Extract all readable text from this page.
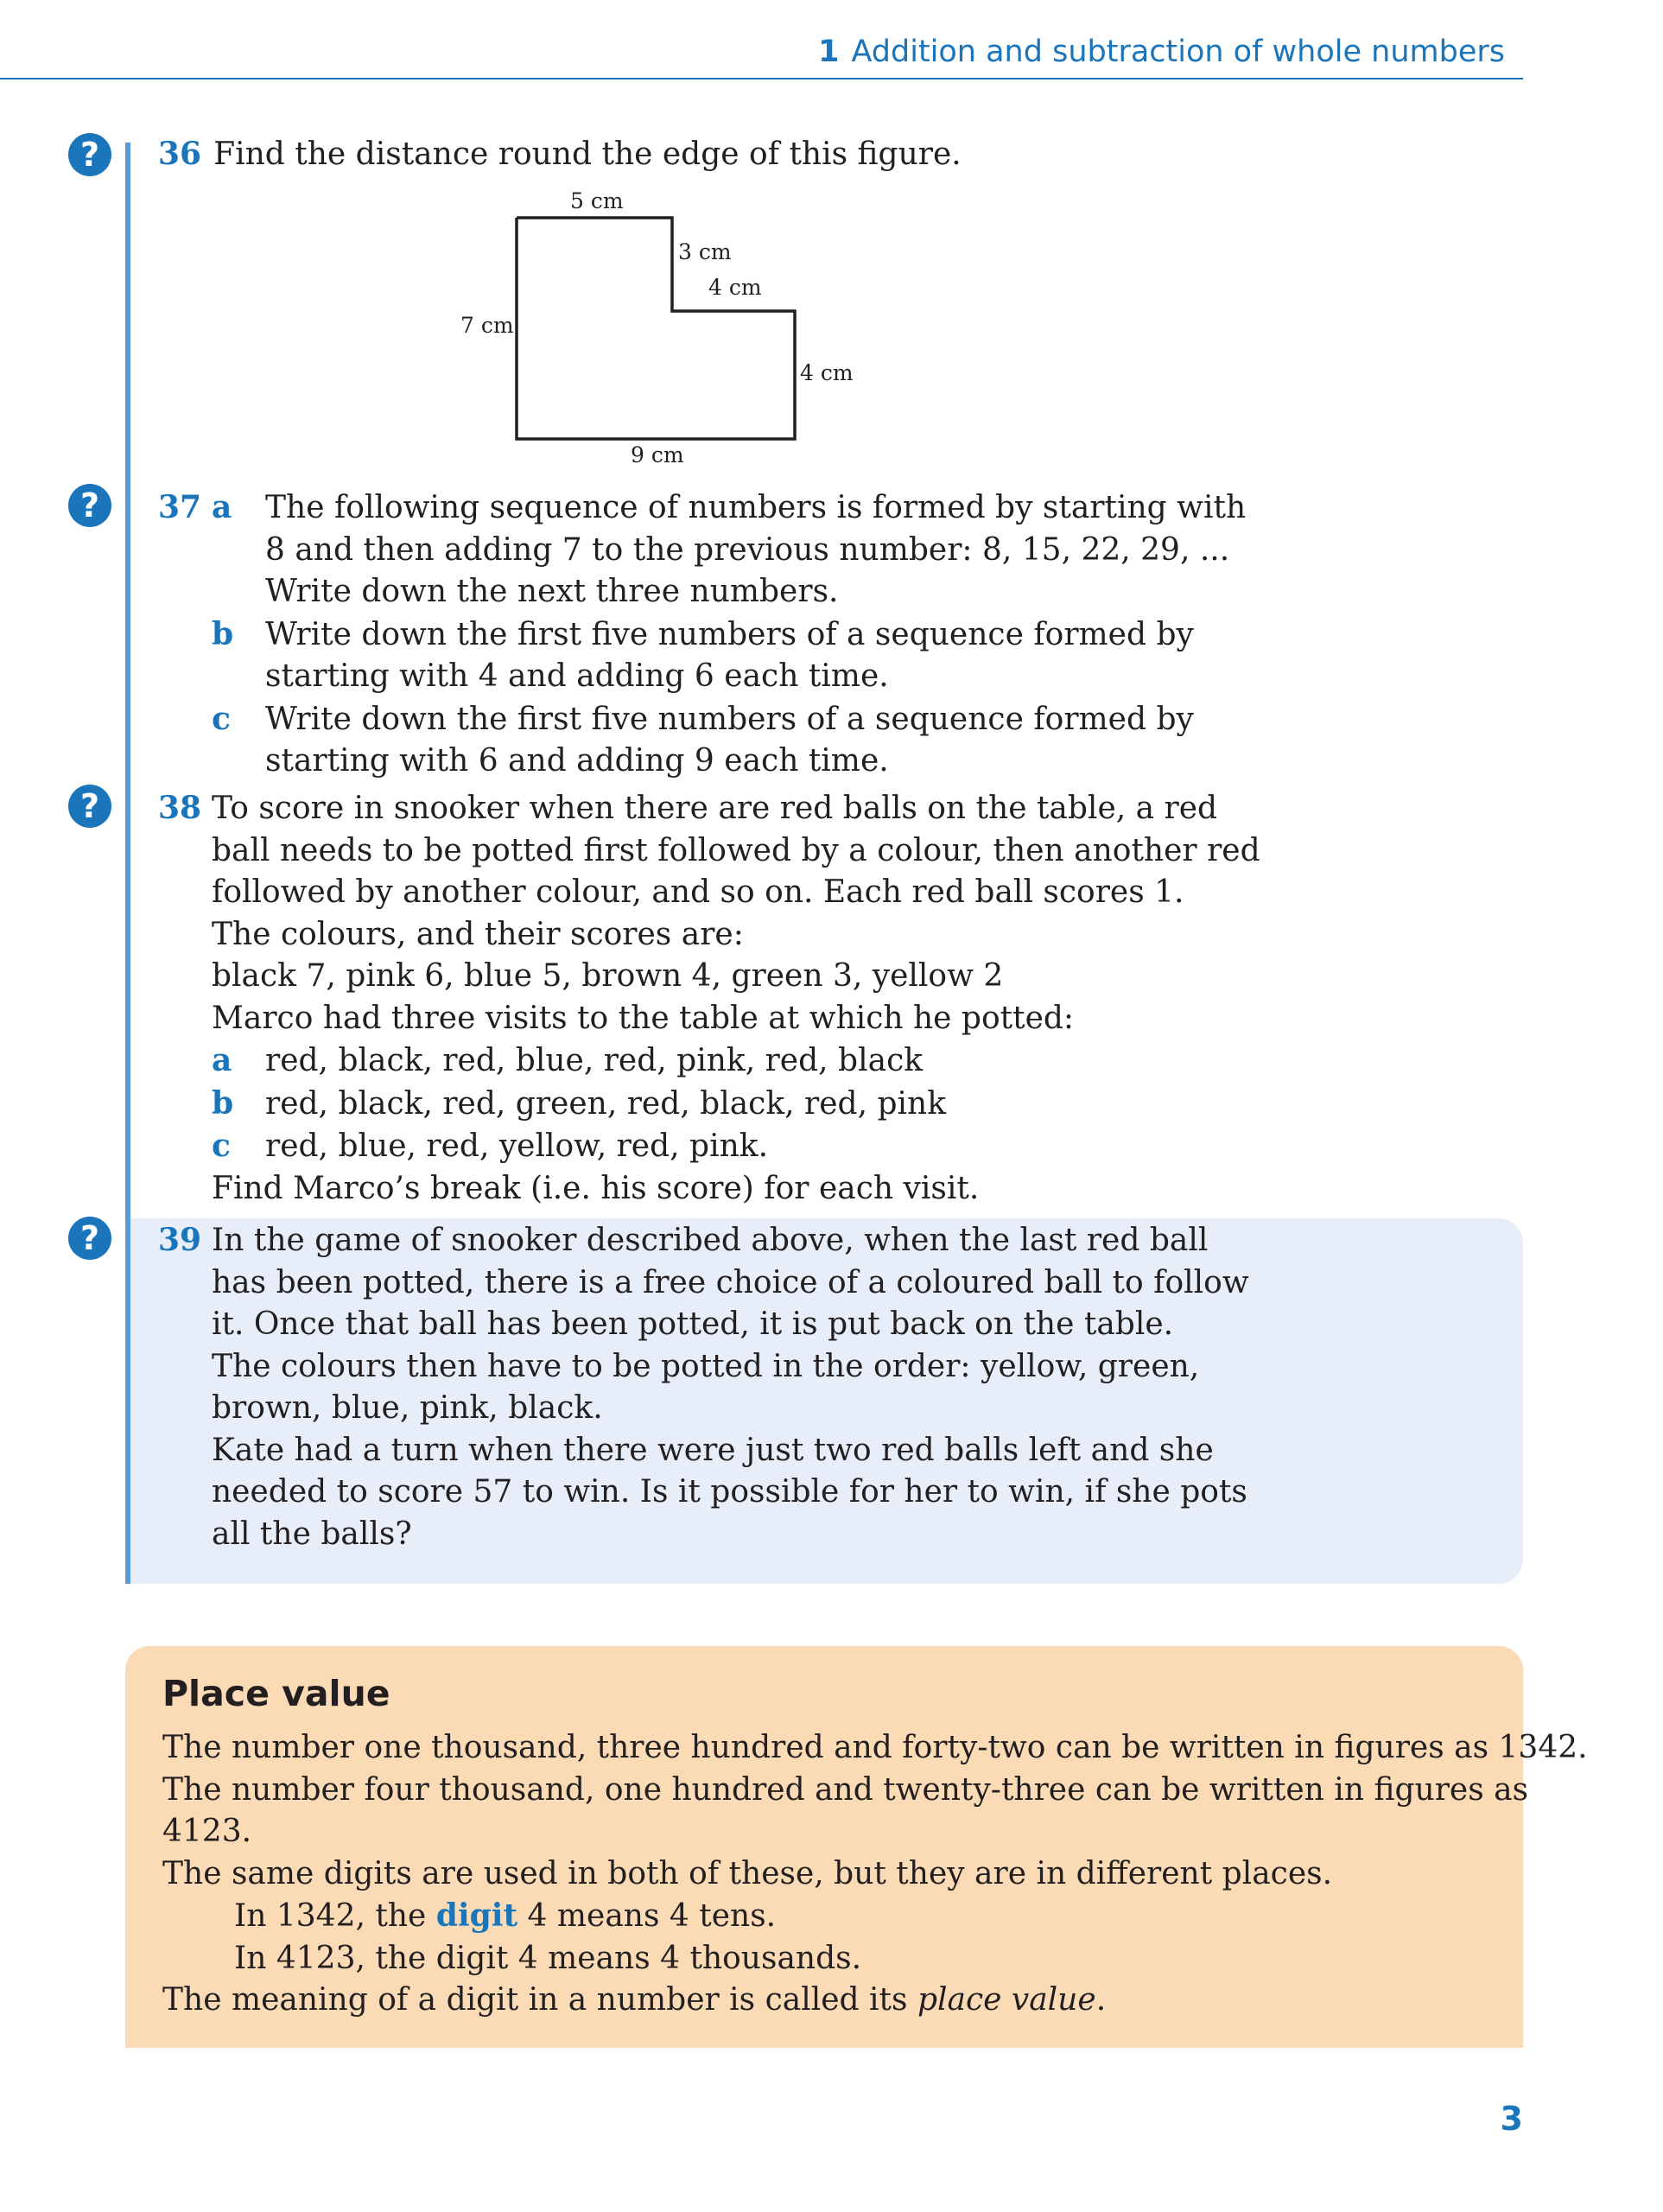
1 Addition and subtraction of whole numbers
?
?
?
?
36 Find the distance round the edge of this figure.
5 cm
3 cm
4 cm
7 cm
4 cm
9 cm
37 a The following sequence of numbers is formed by starting with
8 and then adding 7 to the previous number: 8, 15, 22, 29, ...
Write down the next three numbers.
b Write down the first five numbers of a sequence formed by
starting with 4 and adding 6 each time.
c Write down the first five numbers of a sequence formed by
starting with 6 and adding 9 each time.
38 To score in snooker when there are red balls on the table, a red
ball needs to be potted first followed by a colour, then another red
followed by another colour, and so on. Each red ball scores 1.
The colours, and their scores are:
black 7, pink 6, blue 5, brown 4, green 3, yellow 2
Marco had three visits to the table at which he potted:
a red, black, red, blue, red, pink, red, black
b red, black, red, green, red, black, red, pink
c red, blue, red, yellow, red, pink.
Find Marco’s break (i.e. his score) for each visit.
39 In the game of snooker described above, when the last red ball
has been potted, there is a free choice of a coloured ball to follow
it. Once that ball has been potted, it is put back on the table.
The colours then have to be potted in the order: yellow, green,
brown, blue, pink, black.
Kate had a turn when there were just two red balls left and she
needed to score 57 to win. Is it possible for her to win, if she pots
all the balls?
Place value
The number one thousand, three hundred and forty-two can be written in figures as 1342.
The number four thousand, one hundred and twenty-three can be written in figures as
4123.
The same digits are used in both of these, but they are in different places.
In 1342, the digit 4 means 4 tens.
In 4123, the digit 4 means 4 thousands.
The meaning of a digit in a number is called its place value.
3
